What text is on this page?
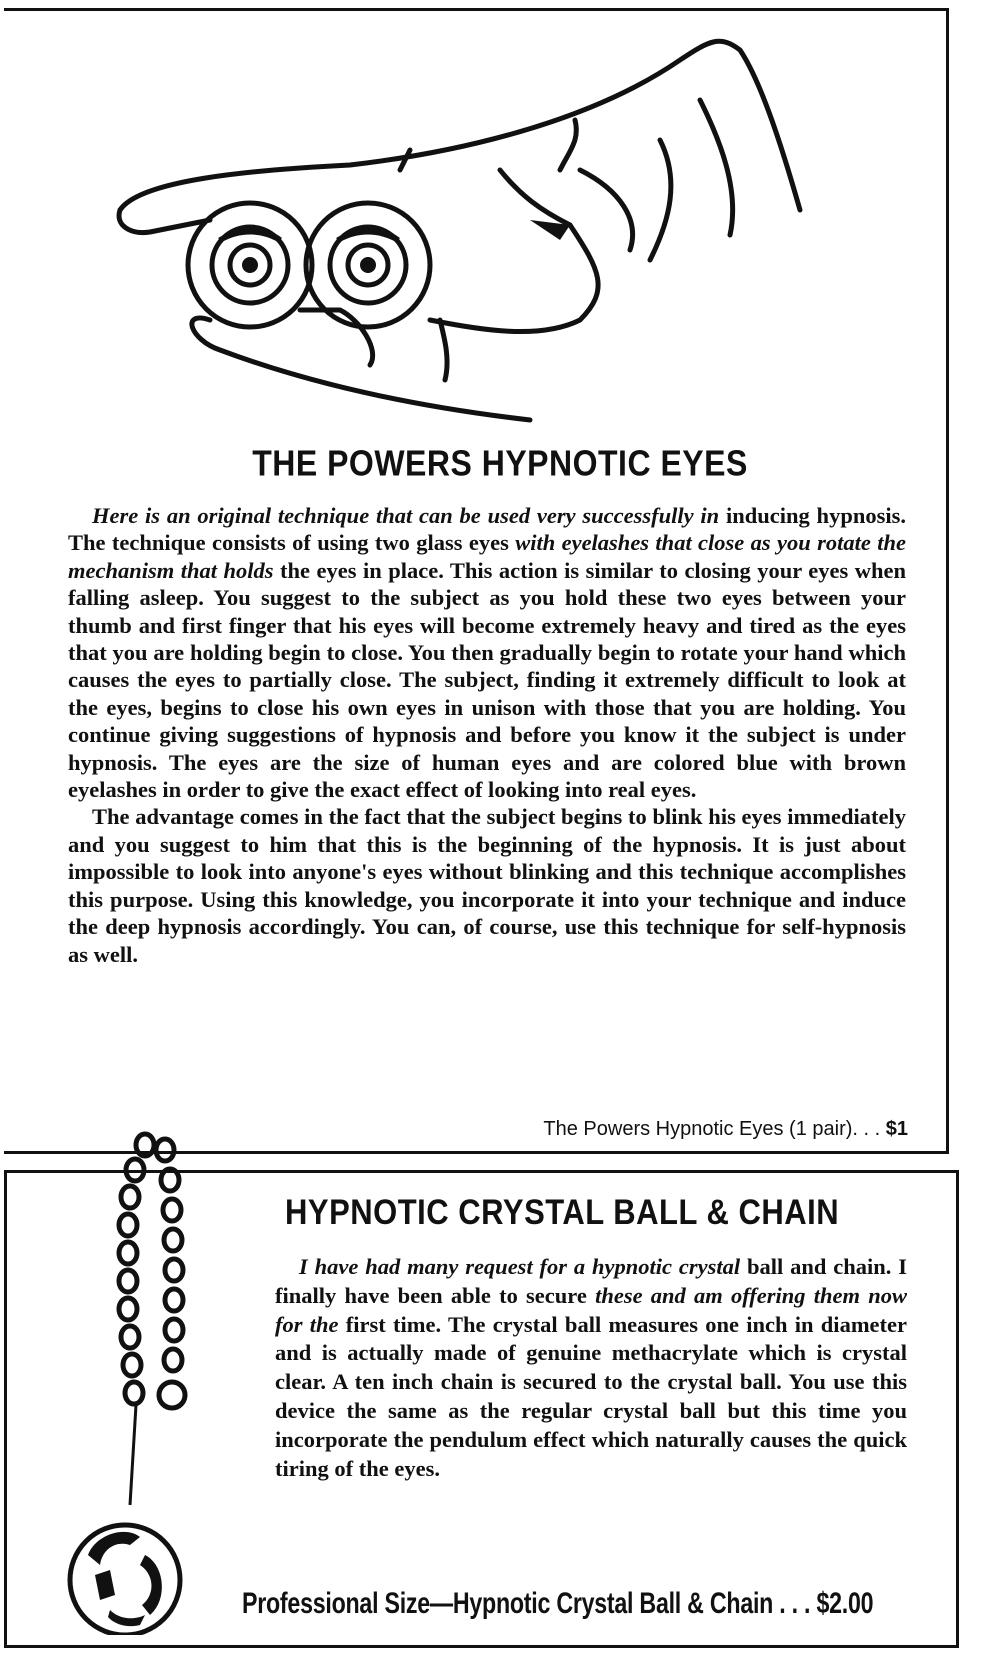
THE POWERS HYPNOTIC EYES

Here is an original technique that can be used very successfully in inducing hypnosis. The technique consists of using two glass eyes with eyelashes that close as you rotate the mechanism that holds the eyes in place. This action is similar to closing your eyes when falling asleep. You suggest to the subject as you hold these two eyes between your thumb and first finger that his eyes will become extremely heavy and tired as the eyes that you are holding begin to close. You then gradually begin to rotate your hand which causes the eyes to partially close. The subject, finding it extremely difficult to look at the eyes, begins to close his own eyes in unison with those that you are holding. You continue giving suggestions of hypnosis and before you know it the subject is under hypnosis. The eyes are the size of human eyes and are colored blue with brown eyelashes in order to give the exact effect of looking into real eyes.

The advantage comes in the fact that the subject begins to blink his eyes immediately and you suggest to him that this is the beginning of the hypnosis. It is just about impossible to look into anyone's eyes without blinking and this technique accomplishes this purpose. Using this knowledge, you incorporate it into your technique and induce the deep hypnosis accordingly. You can, of course, use this technique for self-hypnosis as well.

The Powers Hypnotic Eyes (1 pair). . . $1
HYPNOTIC CRYSTAL BALL & CHAIN

I have had many request for a hypnotic crystal ball and chain. I finally have been able to secure these and am offering them now for the first time. The crystal ball measures one inch in diameter and is actually made of genuine methacrylate which is crystal clear. A ten inch chain is secured to the crystal ball. You use this device the same as the regular crystal ball but this time you incorporate the pendulum effect which naturally causes the quick tiring of the eyes.

Professional Size—Hypnotic Crystal Ball & Chain . . . $2.00
